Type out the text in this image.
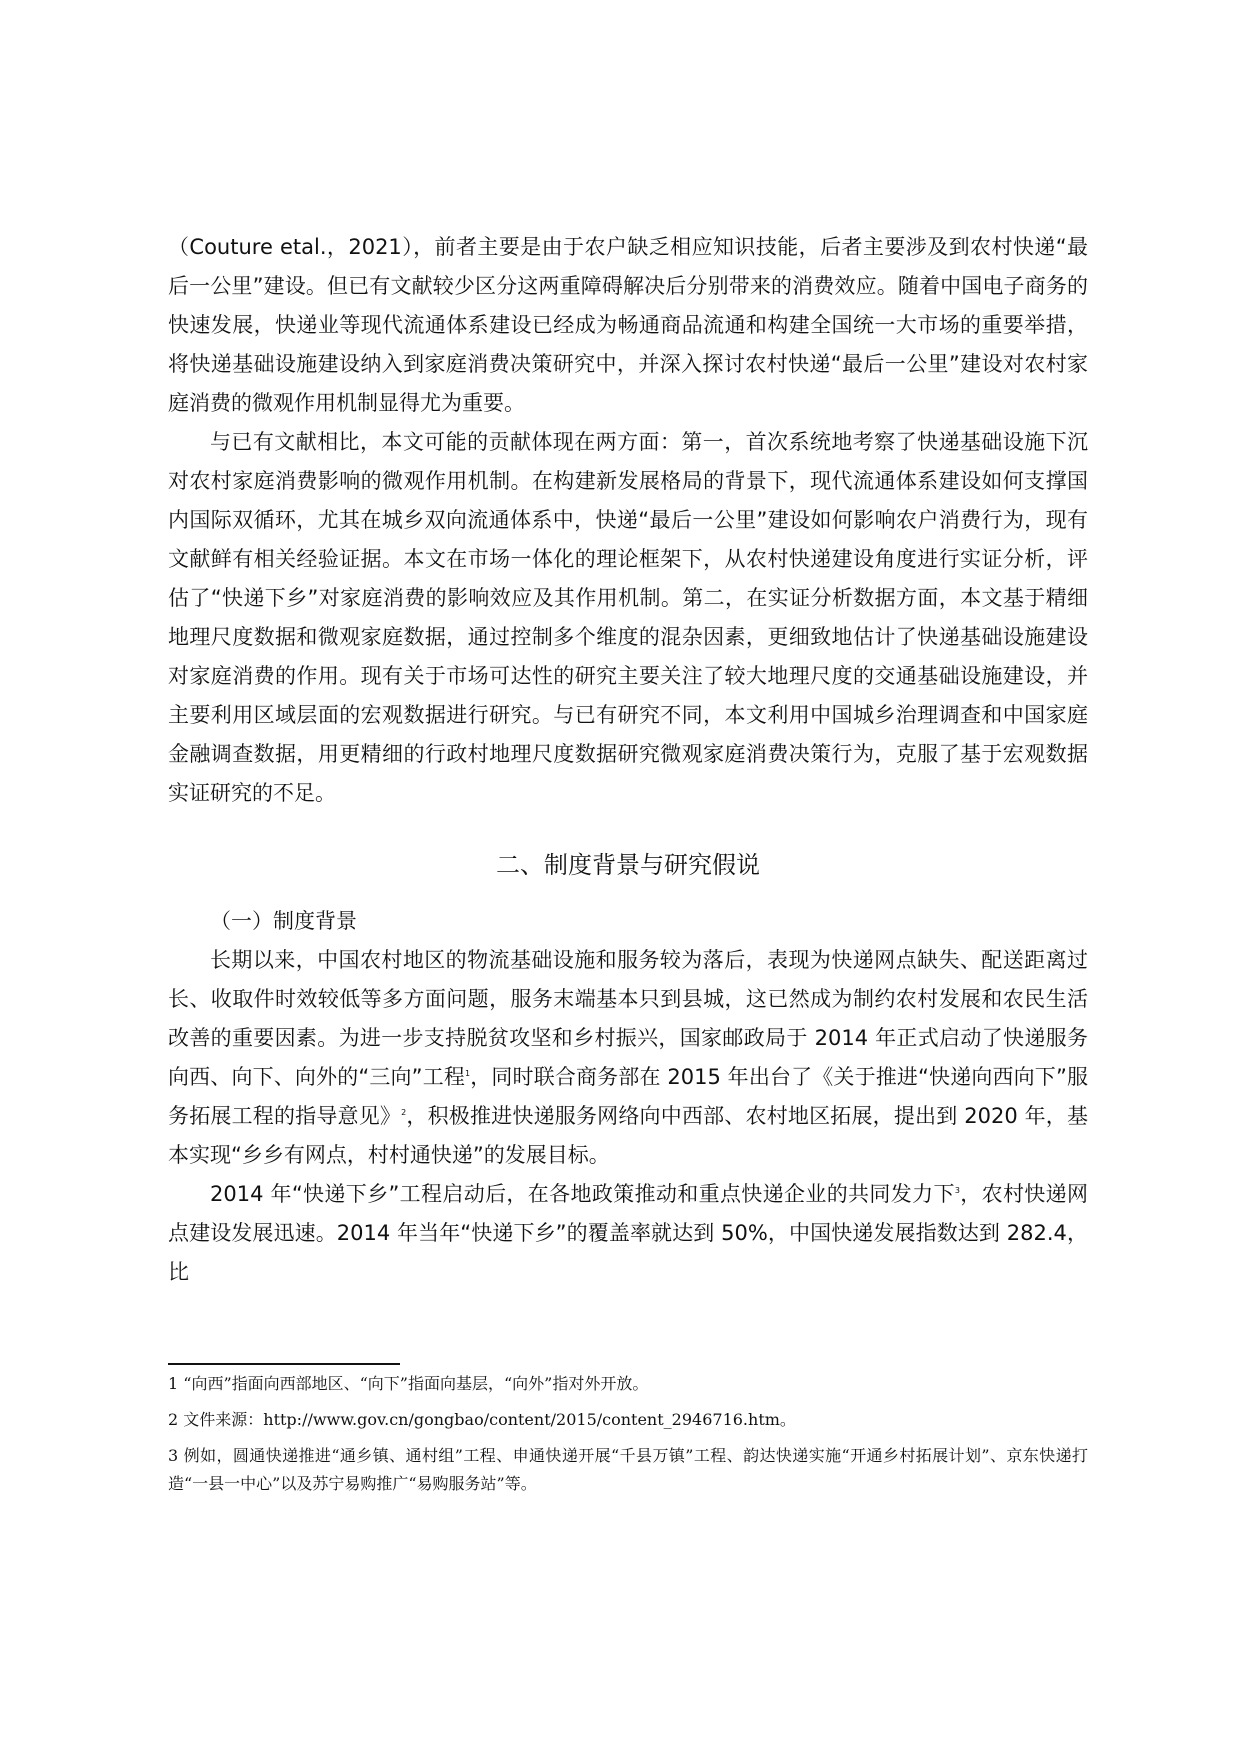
（Couture etal.，2021），前者主要是由于农户缺乏相应知识技能，后者主要涉及到农村快递“最后一公里”建设。但已有文献较少区分这两重障碍解决后分别带来的消费效应。随着中国电子商务的快速发展，快递业等现代流通体系建设已经成为畅通商品流通和构建全国统一大市场的重要举措，将快递基础设施建设纳入到家庭消费决策研究中，并深入探讨农村快递“最后一公里”建设对农村家庭消费的微观作用机制显得尤为重要。

与已有文献相比，本文可能的贡献体现在两方面：第一，首次系统地考察了快递基础设施下沉对农村家庭消费影响的微观作用机制。在构建新发展格局的背景下，现代流通体系建设如何支撑国内国际双循环，尤其在城乡双向流通体系中，快递“最后一公里”建设如何影响农户消费行为，现有文献鲜有相关经验证据。本文在市场一体化的理论框架下，从农村快递建设角度进行实证分析，评估了“快递下乡”对家庭消费的影响效应及其作用机制。第二，在实证分析数据方面，本文基于精细地理尺度数据和微观家庭数据，通过控制多个维度的混杂因素，更细致地估计了快递基础设施建设对家庭消费的作用。现有关于市场可达性的研究主要关注了较大地理尺度的交通基础设施建设，并主要利用区域层面的宏观数据进行研究。与已有研究不同，本文利用中国城乡治理调查和中国家庭金融调查数据，用更精细的行政村地理尺度数据研究微观家庭消费决策行为，克服了基于宏观数据实证研究的不足。

二、制度背景与研究假说
（一）制度背景

长期以来，中国农村地区的物流基础设施和服务较为落后，表现为快递网点缺失、配送距离过长、收取件时效较低等多方面问题，服务末端基本只到县城，这已然成为制约农村发展和农民生活改善的重要因素。为进一步支持脱贫攻坚和乡村振兴，国家邮政局于 2014 年正式启动了快递服务向西、向下、向外的“三向”工程$^1$，同时联合商务部在 2015 年出台了《关于推进“快递向西向下”服务拓展工程的指导意见》$^2$，积极推进快递服务网络向中西部、农村地区拓展，提出到 2020 年，基本实现“乡乡有网点，村村通快递”的发展目标。

2014 年“快递下乡”工程启动后，在各地政策推动和重点快递企业的共同发力下$^3$，农村快递网点建设发展迅速。2014 年当年“快递下乡”的覆盖率就达到 50%，中国快递发展指数达到 282.4，比

1 “向西”指面向西部地区、“向下”指面向基层，“向外”指对外开放。

2 文件来源：http://www.gov.cn/gongbao/content/2015/content_2946716.htm。

3 例如，圆通快递推进“通乡镇、通村组”工程、申通快递开展“千县万镇”工程、韵达快递实施“开通乡村拓展计划”、京东快递打造“一县一中心”以及苏宁易购推广“易购服务站”等。
